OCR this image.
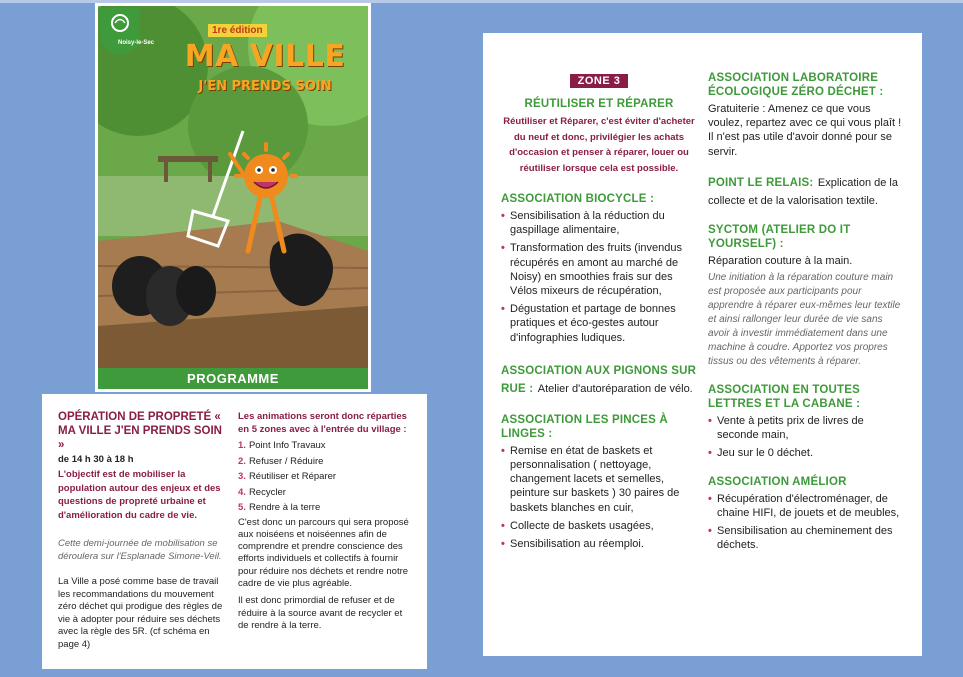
Noisy-le-Sec
1re édition
MA VILLE
J'EN PRENDS SOIN
PROGRAMME
OPÉRATION DE PROPRETÉ « MA VILLE J'EN PRENDS SOIN »
de 14 h 30 à 18 h
L'objectif est de mobiliser la population autour des enjeux et des questions de propreté urbaine et d'amélioration du cadre de vie.
Cette demi-journée de mobilisation se déroulera sur l'Esplanade Simone-Veil.
La Ville a posé comme base de travail les recommandations du mouvement zéro déchet qui prodigue des règles de vie à adopter pour réduire ses déchets avec la règle des 5R. (cf schéma en page 4)
Les animations seront donc réparties en 5 zones avec à l'entrée du village :
1. Point Info Travaux
2. Refuser / Réduire
3. Réutiliser et Réparer
4. Recycler
5. Rendre à la terre
C'est donc un parcours qui sera proposé aux noiséens et noiséennes afin de comprendre et prendre conscience des efforts individuels et collectifs à fournir pour réduire nos déchets et rendre notre cadre de vie plus agréable.
Il est donc primordial de refuser et de réduire à la source avant de recycler et de rendre à la terre.
ZONE 3
RÉUTILISER ET RÉPARER
Réutiliser et Réparer, c'est éviter d'acheter du neuf et donc, privilégier les achats d'occasion et penser à réparer, louer ou réutiliser lorsque cela est possible.
ASSOCIATION BIOCYCLE :
• Sensibilisation à la réduction du gaspillage alimentaire,
• Transformation des fruits (invendus récupérés en amont au marché de Noisy) en smoothies frais sur des Vélos mixeurs de récupération,
• Dégustation et partage de bonnes pratiques et éco-gestes autour d'infographies ludiques.
ASSOCIATION AUX PIGNONS SUR RUE : Atelier d'autoréparation de vélo.
ASSOCIATION LES PINCES À LINGES :
• Remise en état de baskets et personnalisation ( nettoyage, changement lacets et semelles, peinture sur baskets ) 30 paires de baskets blanches en cuir,
• Collecte de baskets usagées,
• Sensibilisation au réemploi.
ASSOCIATION LABORATOIRE ÉCOLOGIQUE ZÉRO DÉCHET :
Gratuiterie : Amenez ce que vous voulez, repartez avec ce qui vous plaît ! Il n'est pas utile d'avoir donné pour se servir.
POINT LE RELAIS: Explication de la collecte et de la valorisation textile.
SYCTOM (ATELIER DO IT YOURSELF) :
Réparation couture à la main.
Une initiation à la réparation couture main est proposée aux participants pour apprendre à réparer eux-mêmes leur textile et ainsi rallonger leur durée de vie sans avoir à investir immédiatement dans une machine à coudre. Apportez vos propres tissus ou des vêtements à réparer.
ASSOCIATION EN TOUTES LETTRES ET LA CABANE :
• Vente à petits prix de livres de seconde main,
• Jeu sur le 0 déchet.
ASSOCIATION AMÉLIOR
• Récupération d'électroménager, de chaine HIFI, de jouets et de meubles,
• Sensibilisation au cheminement des déchets.
